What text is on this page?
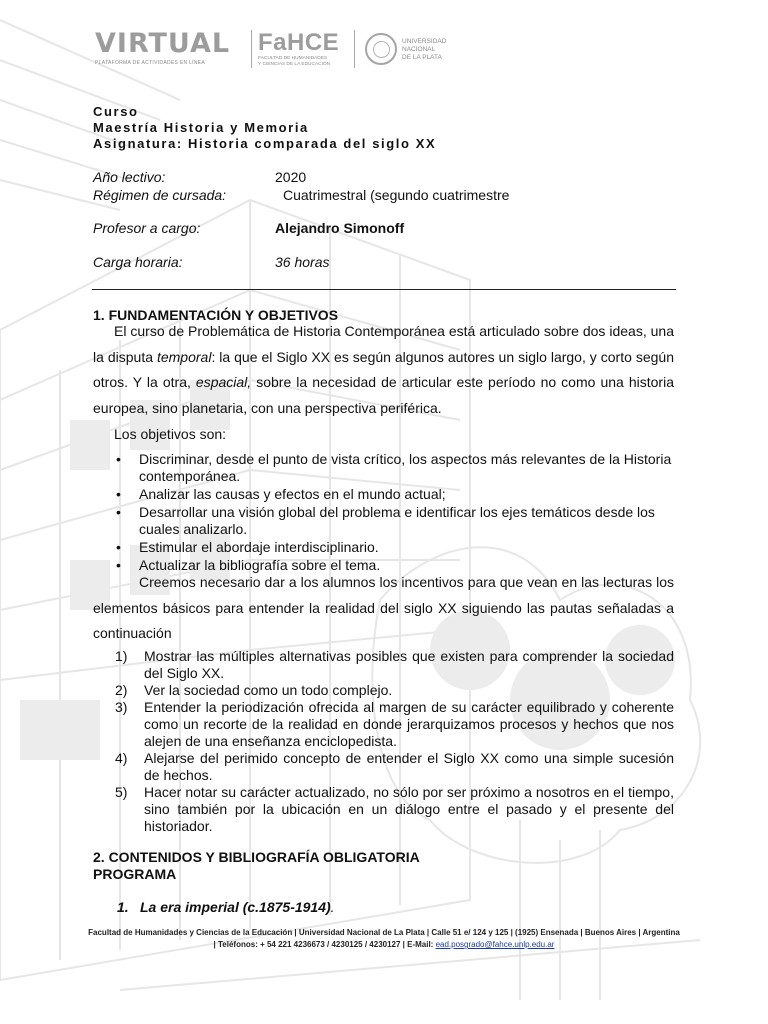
VIRTUAL
PLATAFORMA DE ACTIVIDADES EN LÍNEA
FaHCE
FACULTAD DE HUMANIDADES
Y CIENCIAS DE LA EDUCACIÓN
UNIVERSIDAD
NACIONAL
DE LA PLATA
Curso
Maestría Historia y Memoria
Asignatura: Historia comparada del siglo XX
Año lectivo:	2020
Régimen de cursada:	Cuatrimestral (segundo cuatrimestre
Profesor a cargo:	Alejandro Simonoff
Carga horaria:	36 horas
1. FUNDAMENTACIÓN Y OBJETIVOS

El curso de Problemática de Historia Contemporánea está articulado sobre dos ideas, una la disputa temporal: la que el Siglo XX es según algunos autores un siglo largo, y corto según otros. Y la otra, espacial, sobre la necesidad de articular este período no como una historia europea, sino planetaria, con una perspectiva periférica.

Los objetivos son:

• Discriminar, desde el punto de vista crítico, los aspectos más relevantes de la Historia contemporánea.
• Analizar las causas y efectos en el mundo actual;
• Desarrollar una visión global del problema e identificar los ejes temáticos desde los cuales analizarlo.
• Estimular el abordaje interdisciplinario.
• Actualizar la bibliografía sobre el tema.

Creemos necesario dar a los alumnos los incentivos para que vean en las lecturas los elementos básicos para entender la realidad del siglo XX siguiendo las pautas señaladas a continuación

1) Mostrar las múltiples alternativas posibles que existen para comprender la sociedad del Siglo XX.
2) Ver la sociedad como un todo complejo.
3) Entender la periodización ofrecida al margen de su carácter equilibrado y coherente como un recorte de la realidad en donde jerarquizamos procesos y hechos que nos alejen de una enseñanza enciclopedista.
4) Alejarse del perimido concepto de entender el Siglo XX como una simple sucesión de hechos.
5) Hacer notar su carácter actualizado, no sólo por ser próximo a nosotros en el tiempo, sino también por la ubicación en un diálogo entre el pasado y el presente del historiador.
2. CONTENIDOS Y BIBLIOGRAFÍA OBLIGATORIA
PROGRAMA
1. La era imperial (c.1875-1914).
Facultad de Humanidades y Ciencias de la Educación | Universidad Nacional de La Plata | Calle 51 e/ 124 y 125 | (1925) Ensenada | Buenos Aires | Argentina | Teléfonos: + 54 221 4236673 / 4230125 / 4230127 | E-Mail: ead.posgrado@fahce.unlp.edu.ar
